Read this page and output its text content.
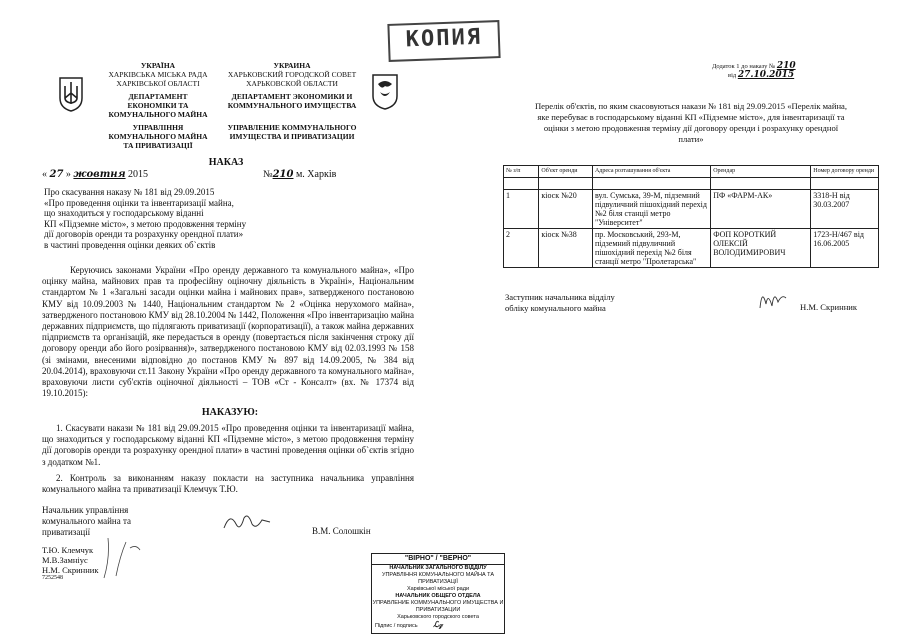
КОПИЯ
УКРАЇНА
ХАРКІВСЬКА МІСЬКА РАДА
ХАРКІВСЬКОЇ ОБЛАСТІ
ДЕПАРТАМЕНТ
ЕКОНОМІКИ ТА
КОМУНАЛЬНОГО МАЙНА
УПРАВЛІННЯ
КОМУНАЛЬНОГО МАЙНА
ТА ПРИВАТИЗАЦІЇ
УКРАИНА
ХАРЬКОВСКИЙ ГОРОДСКОЙ СОВЕТ
ХАРЬКОВСКОЙ ОБЛАСТИ
ДЕПАРТАМЕНТ ЭКОНОМИКИ И
КОММУНАЛЬНОГО ИМУЩЕСТВА
УПРАВЛЕНИЕ КОММУНАЛЬНОГО
ИМУЩЕСТВА И ПРИВАТИЗАЦИИ
НАКАЗ
« 27 » жовтня 2015	№210 м. Харків
Про скасування наказу № 181 від 29.09.2015
«Про проведення оцінки та інвентаризації майна,
що знаходиться у господарському віданні
КП «Підземне місто», з метою продовження терміну
дії договорів оренди та розрахунку орендної плати»
в частині проведення оцінки деяких об`єктів
Керуючись законами України «Про оренду державного та комунального майна», «Про оцінку майна, майнових прав та професійну оціночну діяльність в Україні», Національним стандартом № 1 «Загальні засади оцінки майна і майнових прав», затвердженого постановою КМУ від 10.09.2003 № 1440, Національним стандартом № 2 «Оцінка нерухомого майна», затвердженого постановою КМУ від 28.10.2004 № 1442, Положення «Про інвентаризацію майна державних підприємств, що підлягають приватизації (корпоратизації), а також майна державних підприємств та організацій, яке передається в оренду (повертається після закінчення строку дії договору оренди або його розірвання)», затвердженого постановою КМУ від 02.03.1993 № 158 (зі змінами, внесеними відповідно до постанов КМУ № 897 від 14.09.2005, № 384 від 20.04.2014), враховуючи ст.11 Закону України «Про оренду державного та комунального майна», враховуючи листи суб'єктів оціночної діяльності – ТОВ «Ст - Консалт» (вх. № 17374 від 19.10.2015):
НАКАЗУЮ:
1. Скасувати накази № 181 від 29.09.2015 «Про проведення оцінки та інвентаризації майна, що знаходиться у господарському віданні КП «Підземне місто», з метою продовження терміну дії договорів оренди та розрахунку орендної плати» в частині проведення оцінки об`єктів згідно з додатком №1.
2. Контроль за виконанням наказу покласти на заступника начальника управління комунального майна та приватизації Клемчук Т.Ю.
Начальник управління
комунального майна та
приватизації	В.М. Солошкін
Т.Ю. Клемчук
М.В.Замніус
Н.М. Скринник
7252548
"ВІРНО" / "ВЕРНО"
НАЧАЛЬНИК ЗАГАЛЬНОГО ВІДДІЛУ
УПРАВЛІННЯ КОМУНАЛЬНОГО МАЙНА ТА ПРИВАТИЗАЦІЇ
Харківської міської ради
НАЧАЛЬНИК ОБЩЕГО ОТДЕЛА
УПРАВЛЕНИЕ КОММУНАЛЬНОГО ИМУЩЕСТВА И ПРИВАТИЗАЦИИ
Харьковского городского совета
Підпис / подпись ℒ𝓏
Додаток 1 до наказу № 210
від 27.10.2015
Перелік об'єктів, по яким скасовуються накази № 181 від 29.09.2015 «Перелік майна,
яке перебуває в господарському віданні КП «Підземне місто», для інвентаризації та
оцінки з метою продовження терміну дії договору оренди і розрахунку орендної
плати»
№ з/п	Об'єкт оренди	Адреса розташування об'єкта	Орендар	Номер договору оренди

1	кіоск №20	вул. Сумська, 39-М, підземний підвуличний пішохідний перехід №2 біля станції метро "Університет"	ПФ «ФАРМ-АК»	3318-Н від 30.03.2007
2	кіоск №38	пр. Московський, 293-М, підземний підвуличний пішохідний перехід №2 біля станції метро "Пролетарська"	ФОП КОРОТКИЙ ОЛЕКСІЙ ВОЛОДИМИРОВИЧ	1723-Н/467 від 16.06.2005
Заступник начальника відділу
обліку комунального майна	Н.М. Скринник
